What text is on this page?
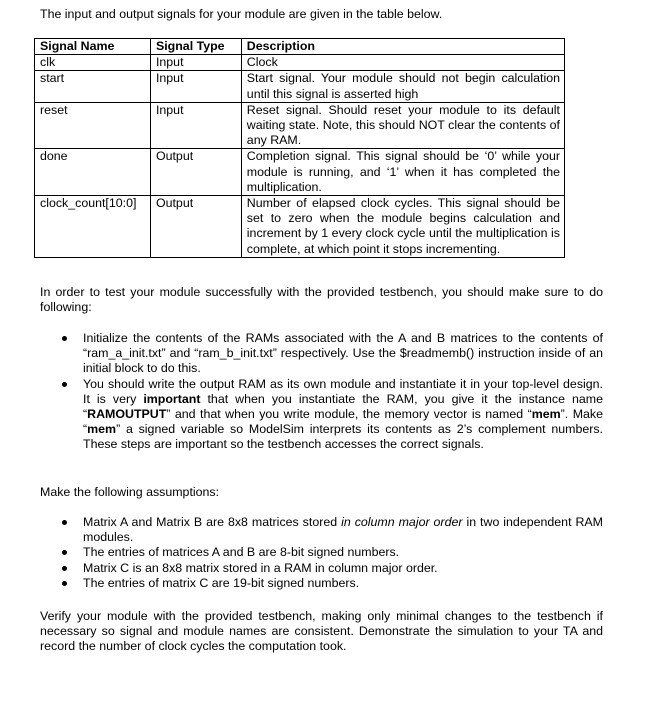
The input and output signals for your module are given in the table below.
Signal Name	Signal Type	Description
clk	Input	Clock
start	Input	Start signal. Your module should not begin calculation until this signal is asserted high
reset	Input	Reset signal. Should reset your module to its default waiting state. Note, this should NOT clear the contents of any RAM.
done	Output	Completion signal. This signal should be ‘0’ while your module is running, and ‘1’ when it has completed the multiplication.
clock_count[10:0]	Output	Number of elapsed clock cycles. This signal should be set to zero when the module begins calculation and increment by 1 every clock cycle until the multiplication is complete, at which point it stops incrementing.
In order to test your module successfully with the provided testbench, you should make sure to do following:
Initialize the contents of the RAMs associated with the A and B matrices to the contents of “ram_a_init.txt” and “ram_b_init.txt” respectively. Use the $readmemb() instruction inside of an initial block to do this.
You should write the output RAM as its own module and instantiate it in your top-level design. It is very important that when you instantiate the RAM, you give it the instance name “RAMOUTPUT” and that when you write module, the memory vector is named “mem”. Make “mem” a signed variable so ModelSim interprets its contents as 2’s complement numbers. These steps are important so the testbench accesses the correct signals.
Make the following assumptions:
Matrix A and Matrix B are 8x8 matrices stored in column major order in two independent RAM modules.
The entries of matrices A and B are 8-bit signed numbers.
Matrix C is an 8x8 matrix stored in a RAM in column major order.
The entries of matrix C are 19-bit signed numbers.
Verify your module with the provided testbench, making only minimal changes to the testbench if necessary so signal and module names are consistent. Demonstrate the simulation to your TA and record the number of clock cycles the computation took.
